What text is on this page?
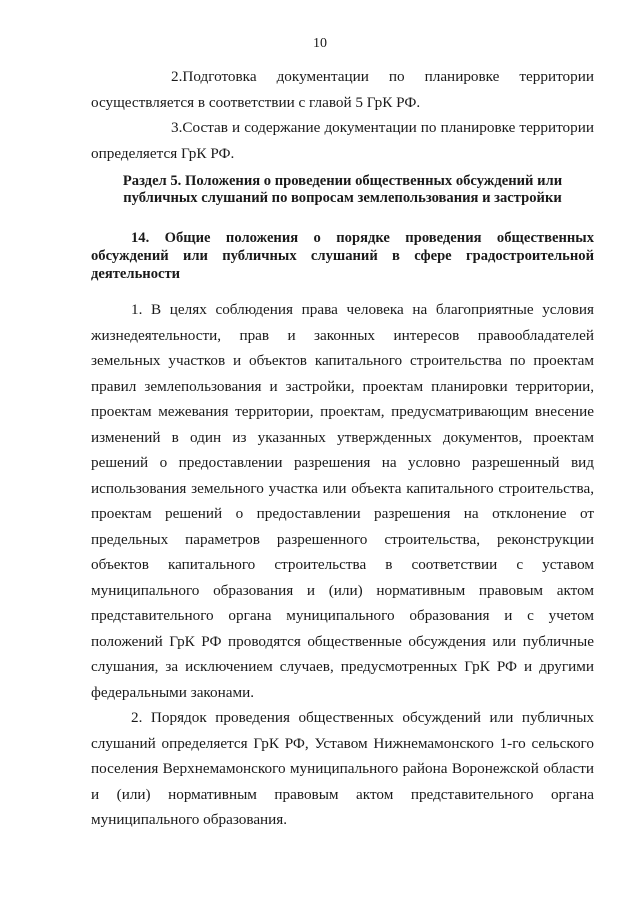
10

2.Подготовка документации по планировке территории осуществляется в соответствии с главой 5 ГрК РФ.

3.Состав и содержание документации по планировке территории определяется ГрК РФ.

Раздел 5. Положения о проведении общественных обсуждений или
публичных слушаний по вопросам землепользования и застройки
14. Общие положения о порядке проведения общественных обсуждений или публичных слушаний в сфере градостроительной деятельности

1. В целях соблюдения права человека на благоприятные условия жизнедеятельности, прав и законных интересов правообладателей земельных участков и объектов капитального строительства по проектам правил землепользования и застройки, проектам планировки территории, проектам межевания территории, проектам, предусматривающим внесение изменений в один из указанных утвержденных документов, проектам решений о предоставлении разрешения на условно разрешенный вид использования земельного участка или объекта капитального строительства, проектам решений о предоставлении разрешения на отклонение от предельных параметров разрешенного строительства, реконструкции объектов капитального строительства в соответствии с уставом муниципального образования и (или) нормативным правовым актом представительного органа муниципального образования и с учетом положений ГрК РФ проводятся общественные обсуждения или публичные слушания, за исключением случаев, предусмотренных ГрК РФ и другими федеральными законами.

2. Порядок проведения общественных обсуждений или публичных слушаний определяется ГрК РФ, Уставом Нижнемамонского 1-го сельского поселения Верхнемамонского муниципального района Воронежской области и (или) нормативным правовым актом представительного органа муниципального образования.
